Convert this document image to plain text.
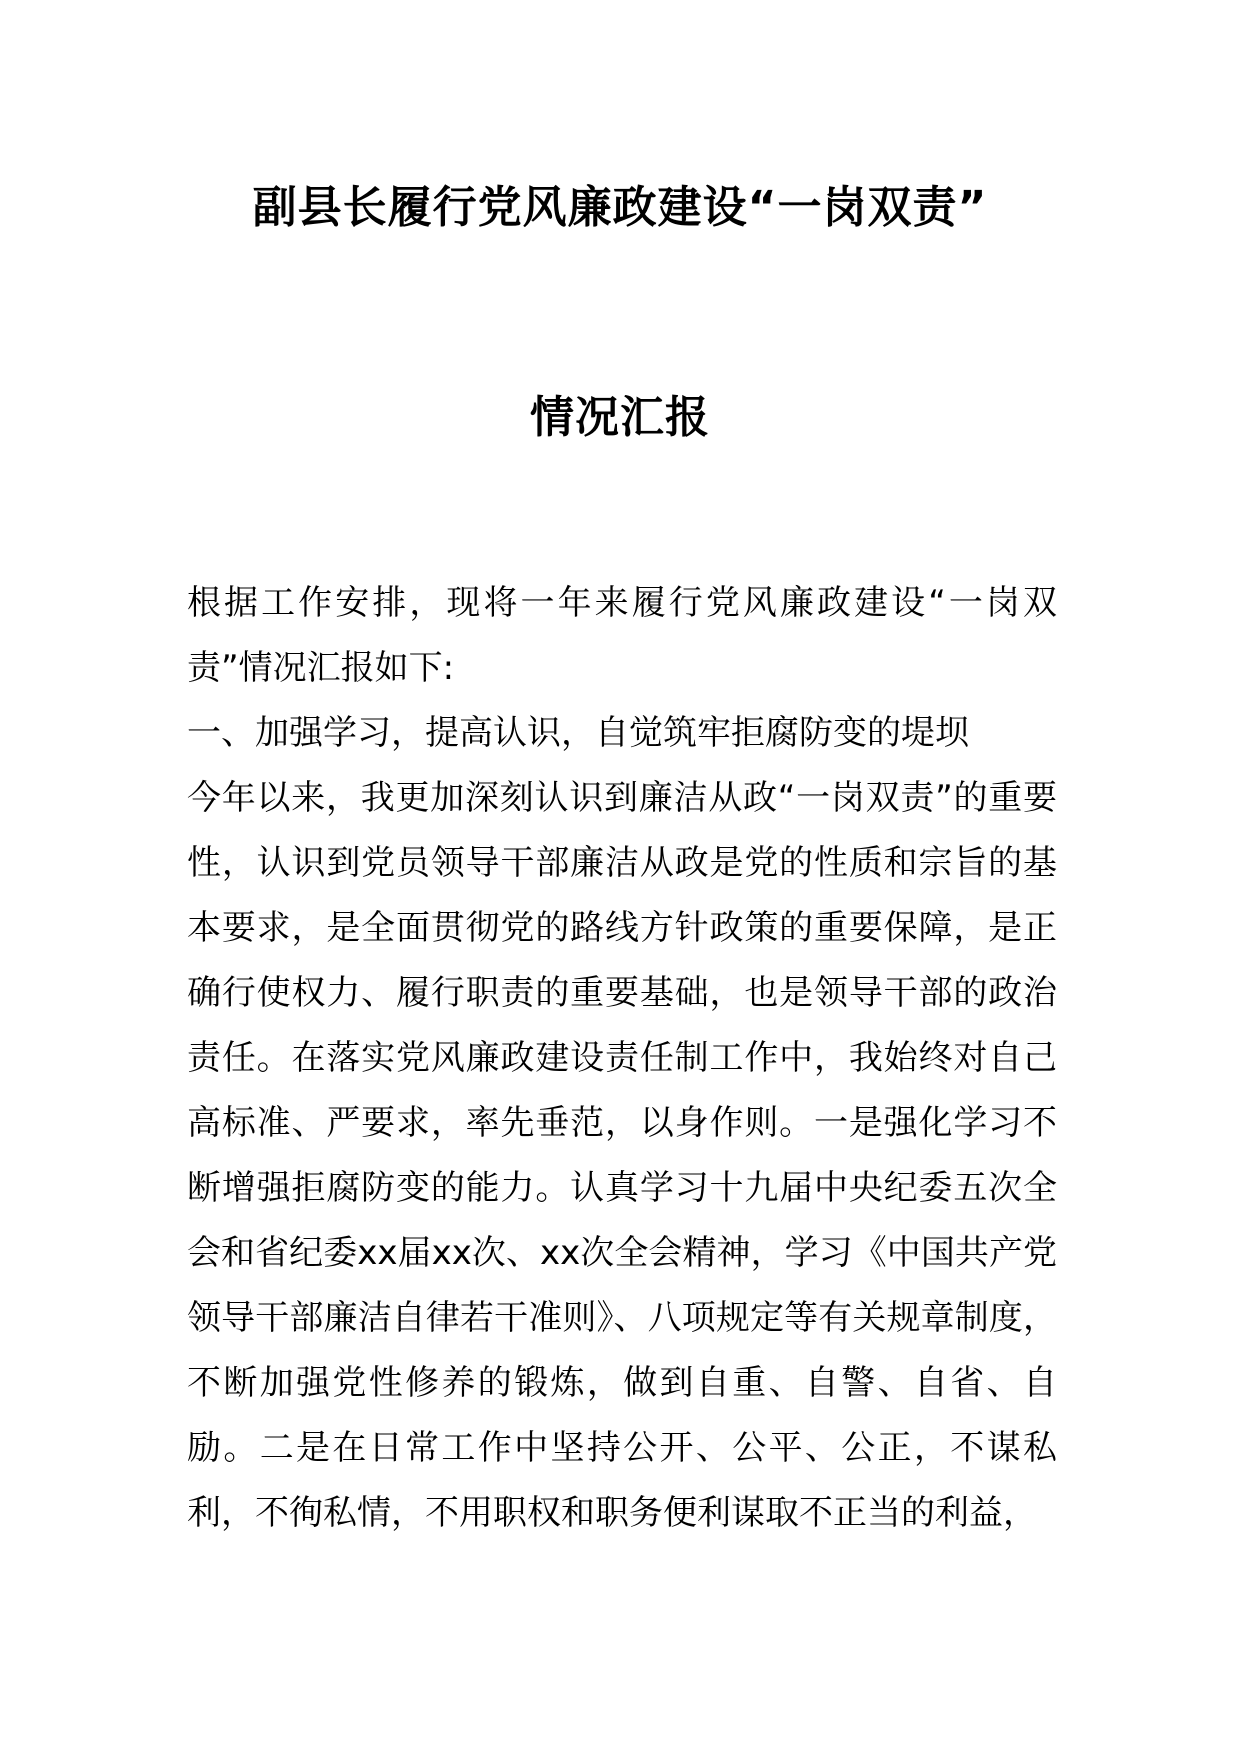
副县长履行党风廉政建设“一岗双责”
情况汇报

根据工作安排，现将一年来履行党风廉政建设“一岗双责”情况汇报如下:

一、加强学习，提高认识，自觉筑牢拒腐防变的堤坝

今年以来，我更加深刻认识到廉洁从政“一岗双责”的重要性，认识到党员领导干部廉洁从政是党的性质和宗旨的基本要求，是全面贯彻党的路线方针政策的重要保障，是正确行使权力、履行职责的重要基础，也是领导干部的政治责任。在落实党风廉政建设责任制工作中，我始终对自己高标准、严要求，率先垂范，以身作则。一是强化学习不断增强拒腐防变的能力。认真学习十九届中央纪委五次全会和省纪委xx届xx次、xx次全会精神，学习《中国共产党领导干部廉洁自律若干准则》、八项规定等有关规章制度，不断加强党性修养的锻炼，做到自重、自警、自省、自励。二是在日常工作中坚持公开、公平、公正，不谋私利，不徇私情，不用职权和职务便利谋取不正当的利益，
